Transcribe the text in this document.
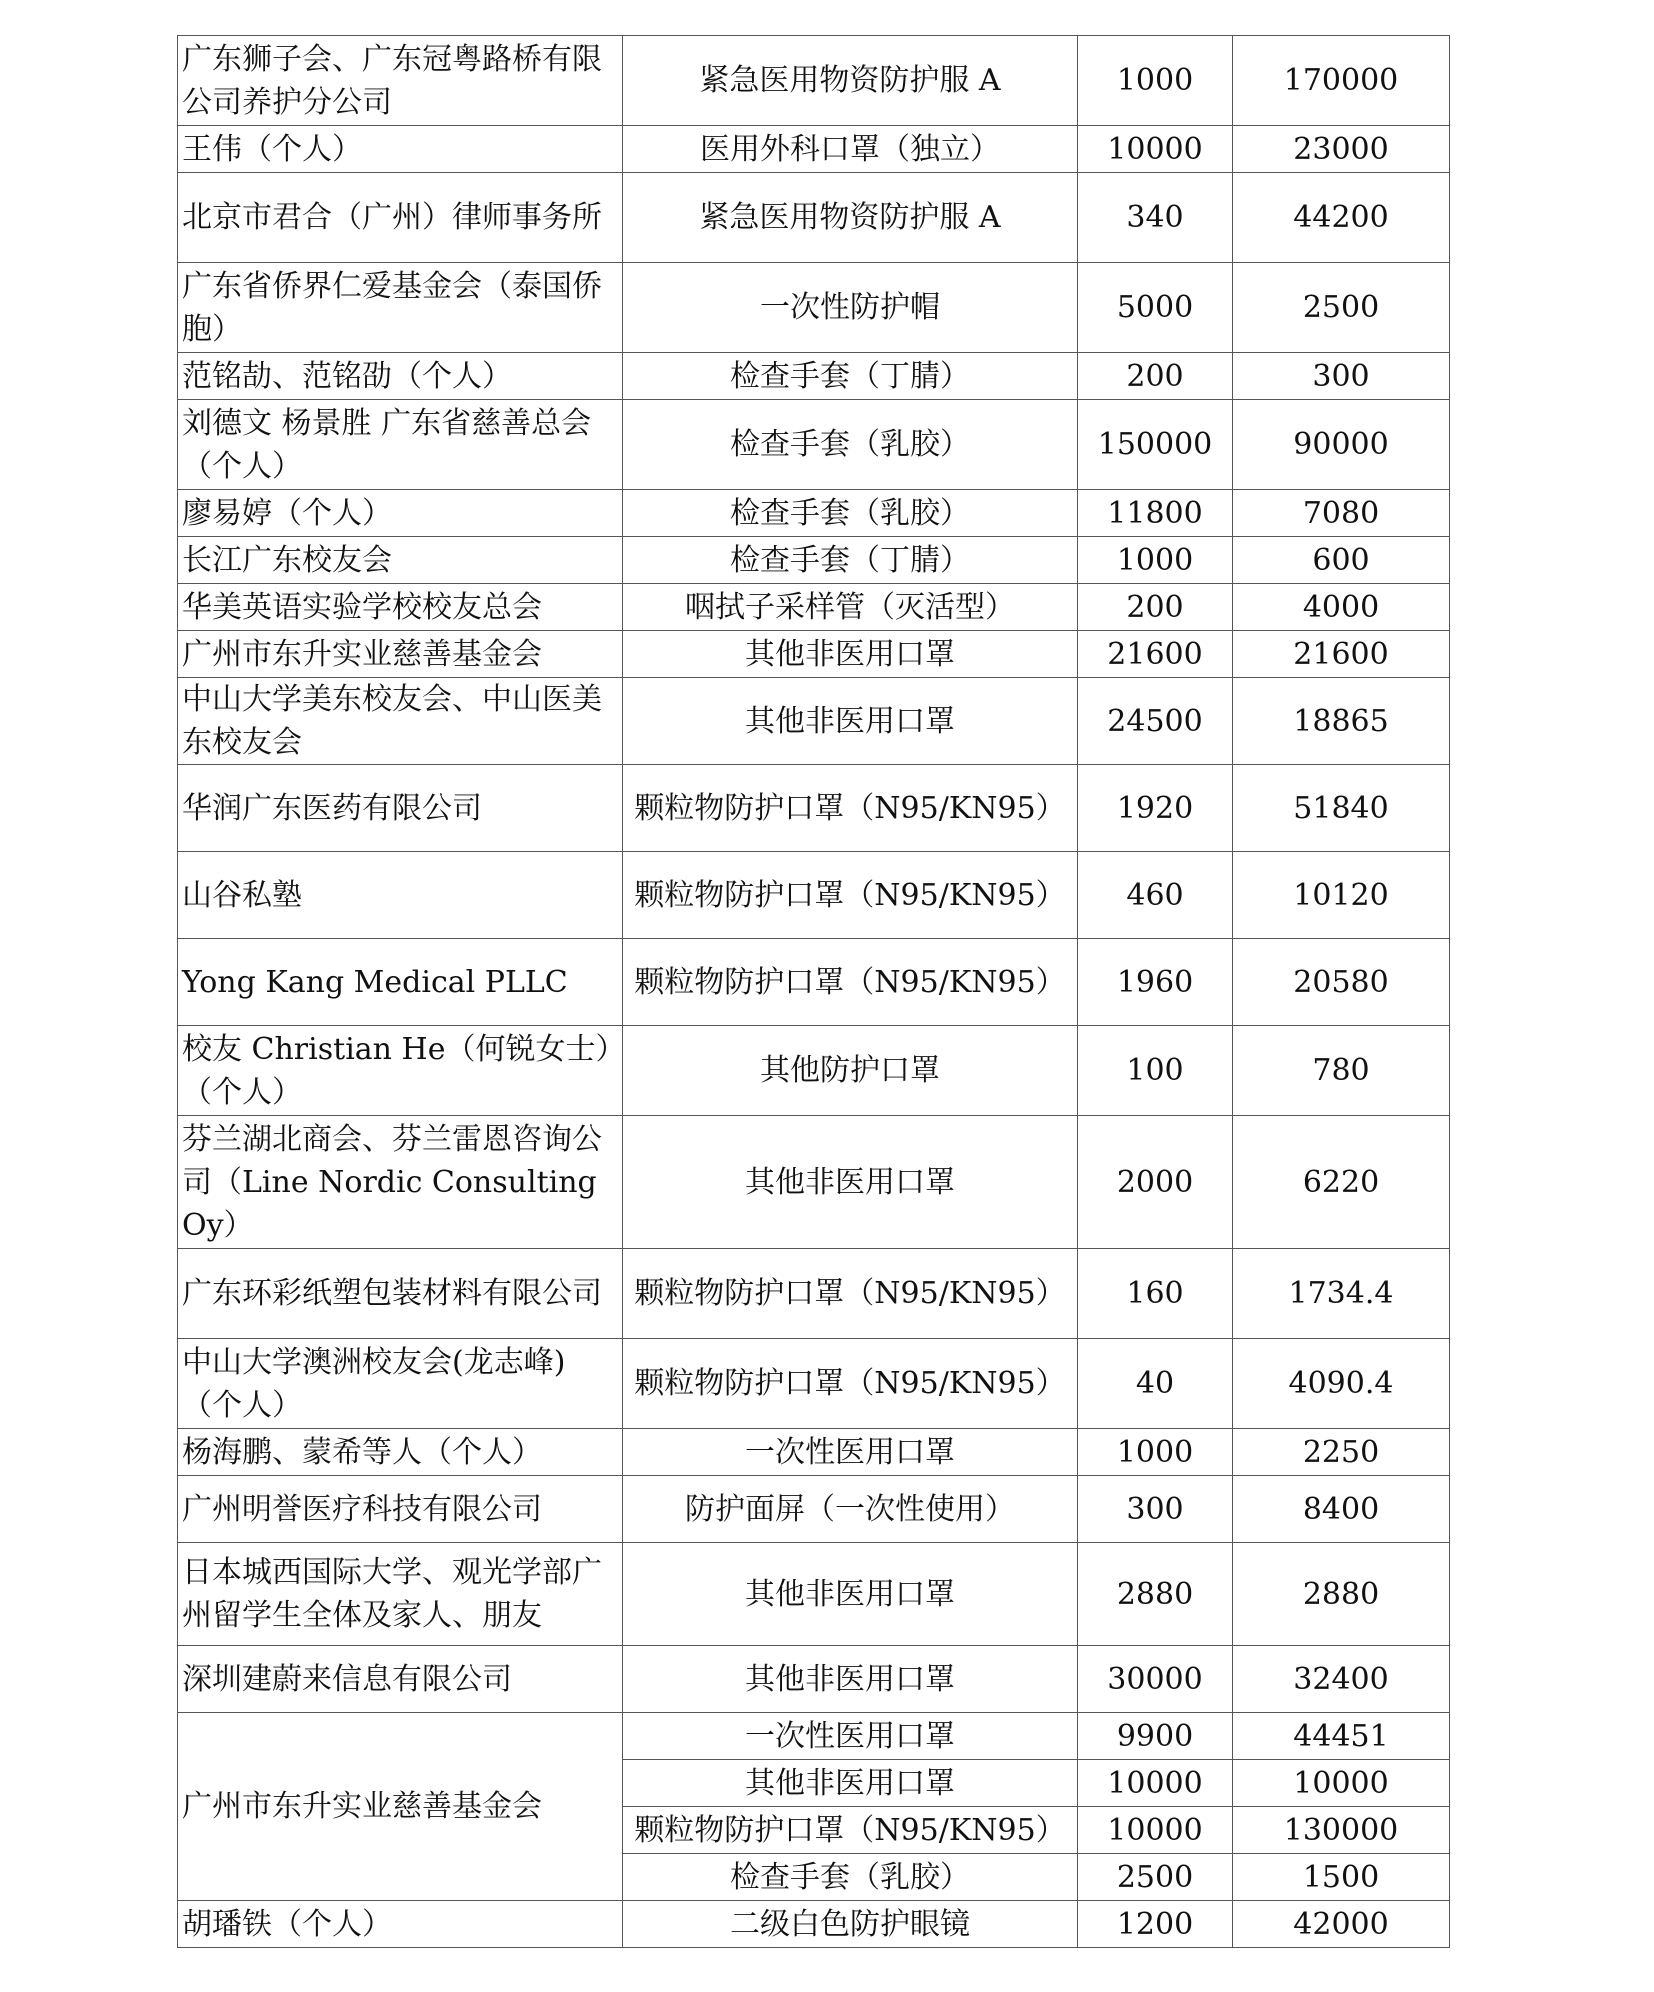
广东狮子会、广东冠粤路桥有限公司养护分公司	紧急医用物资防护服 A	1000	170000
王伟（个人）	医用外科口罩（独立）	10000	23000
北京市君合（广州）律师事务所	紧急医用物资防护服 A	340	44200
广东省侨界仁爱基金会（泰国侨胞）	一次性防护帽	5000	2500
范铭劼、范铭劭（个人）	检查手套（丁腈）	200	300
刘德文 杨景胜 广东省慈善总会（个人）	检查手套（乳胶）	150000	90000
廖易婷（个人）	检查手套（乳胶）	11800	7080
长江广东校友会	检查手套（丁腈）	1000	600
华美英语实验学校校友总会	咽拭子采样管（灭活型）	200	4000
广州市东升实业慈善基金会	其他非医用口罩	21600	21600
中山大学美东校友会、中山医美东校友会	其他非医用口罩	24500	18865
华润广东医药有限公司	颗粒物防护口罩（N95/KN95）	1920	51840
山谷私塾	颗粒物防护口罩（N95/KN95）	460	10120
Yong Kang Medical PLLC	颗粒物防护口罩（N95/KN95）	1960	20580
校友 Christian He（何锐女士）（个人）	其他防护口罩	100	780
芬兰湖北商会、芬兰雷恩咨询公司（Line Nordic Consulting Oy）	其他非医用口罩	2000	6220
广东环彩纸塑包装材料有限公司	颗粒物防护口罩（N95/KN95）	160	1734.4
中山大学澳洲校友会(龙志峰)（个人）	颗粒物防护口罩（N95/KN95）	40	4090.4
杨海鹏、蒙希等人（个人）	一次性医用口罩	1000	2250
广州明誉医疗科技有限公司	防护面屏（一次性使用）	300	8400
日本城西国际大学、观光学部广州留学生全体及家人、朋友	其他非医用口罩	2880	2880
深圳建蔚来信息有限公司	其他非医用口罩	30000	32400
广州市东升实业慈善基金会	一次性医用口罩	9900	44451
	其他非医用口罩	10000	10000
	颗粒物防护口罩（N95/KN95）	10000	130000
	检查手套（乳胶）	2500	1500
胡璠铁（个人）	二级白色防护眼镜	1200	42000
